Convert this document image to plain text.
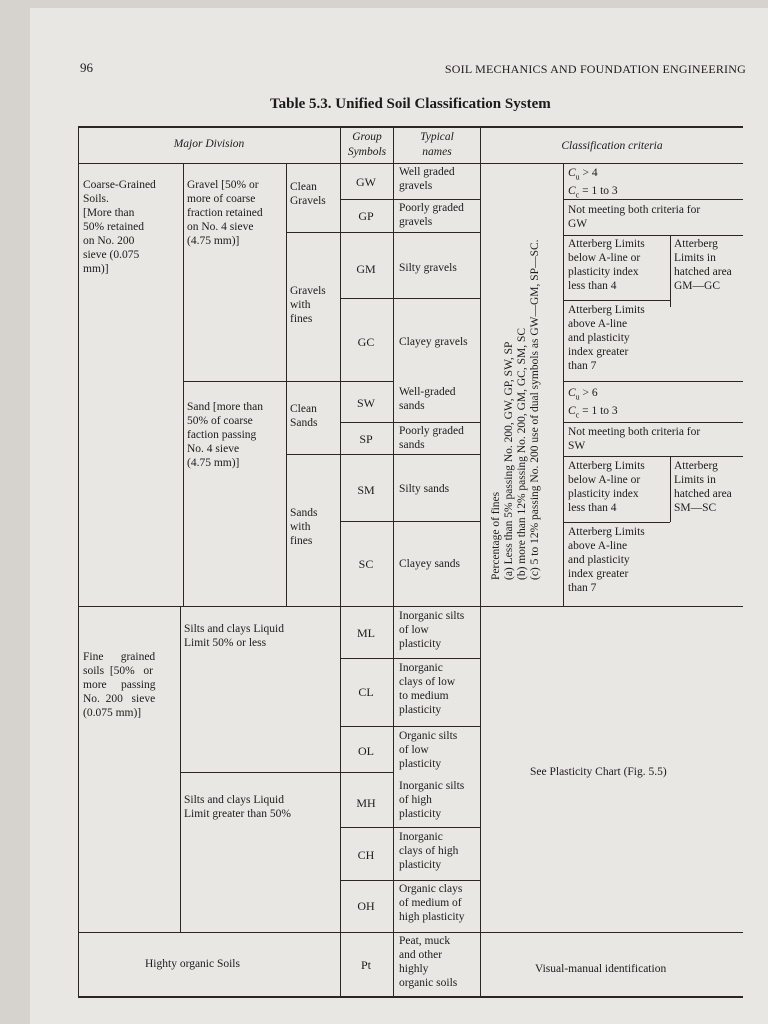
96	SOIL MECHANICS AND FOUNDATION ENGINEERING
Table 5.3. Unified Soil Classification System
Major Division
Group
Symbols
Typical
names	Classification criteria
Coarse-Grained
Soils.
[More than
50% retained
on No. 200
sieve (0.075
mm)]
Gravel [50% or
more of coarse
fraction retained
on No. 4 sieve
(4.75 mm)]
Clean
Gravels
Gravels
with
fines
Sand [more than
50% of coarse
faction passing
No. 4 sieve
(4.75 mm)]
Clean
Sands
Sands
with
fines

Fine      grained
soils  [50%   or
more     passing
No.  200   sieve
(0.075 mm)]

Silts and clays Liquid
Limit 50% or less
Silts and clays Liquid
Limit greater than 50%
Highty organic Soils
GW
GP
GM
GC
SW
SP
SM
SC
ML
CL
OL
MH
CH
OH
Pt
Well graded
gravels
Poorly graded
gravels
Silty gravels
Clayey gravels
Well-graded
sands
Poorly graded
sands
Silty sands
Clayey sands
Inorganic silts
of low
plasticity
Inorganic
clays of low
to medium
plasticity
Organic silts
of low
plasticity
Inorganic silts
of high
plasticity
Inorganic
clays of high
plasticity
Organic clays
of medium of
high plasticity
Peat, muck
and other
highly
organic soils
Percentage of fines (a) Less than 5% passing No. 200, GW, GP, SW, SP (b) more than 12% passing No. 200, GM, GC, SM, SC (c) 5 to 12% passing No. 200 use of dual symbols as GW—GM, SP—SC.
$C_u > 4$
$C_c = 1$ to 3
Not meeting both criteria for
GW
Atterberg Limits
below A-line or
plasticity index
less than 4
Atterberg
Limits in
hatched area
GM—GC
Atterberg Limits
above A-line
and plasticity
index greater
than 7
$C_u > 6$
$C_c = 1$ to 3
Not meeting both criteria for
SW
Atterberg Limits
below A-line or
plasticity index
less than 4
Atterberg
Limits in
hatched area
SM—SC
Atterberg Limits
above A-line
and plasticity
index greater
than 7
See Plasticity Chart (Fig. 5.5)
Visual-manual identification
